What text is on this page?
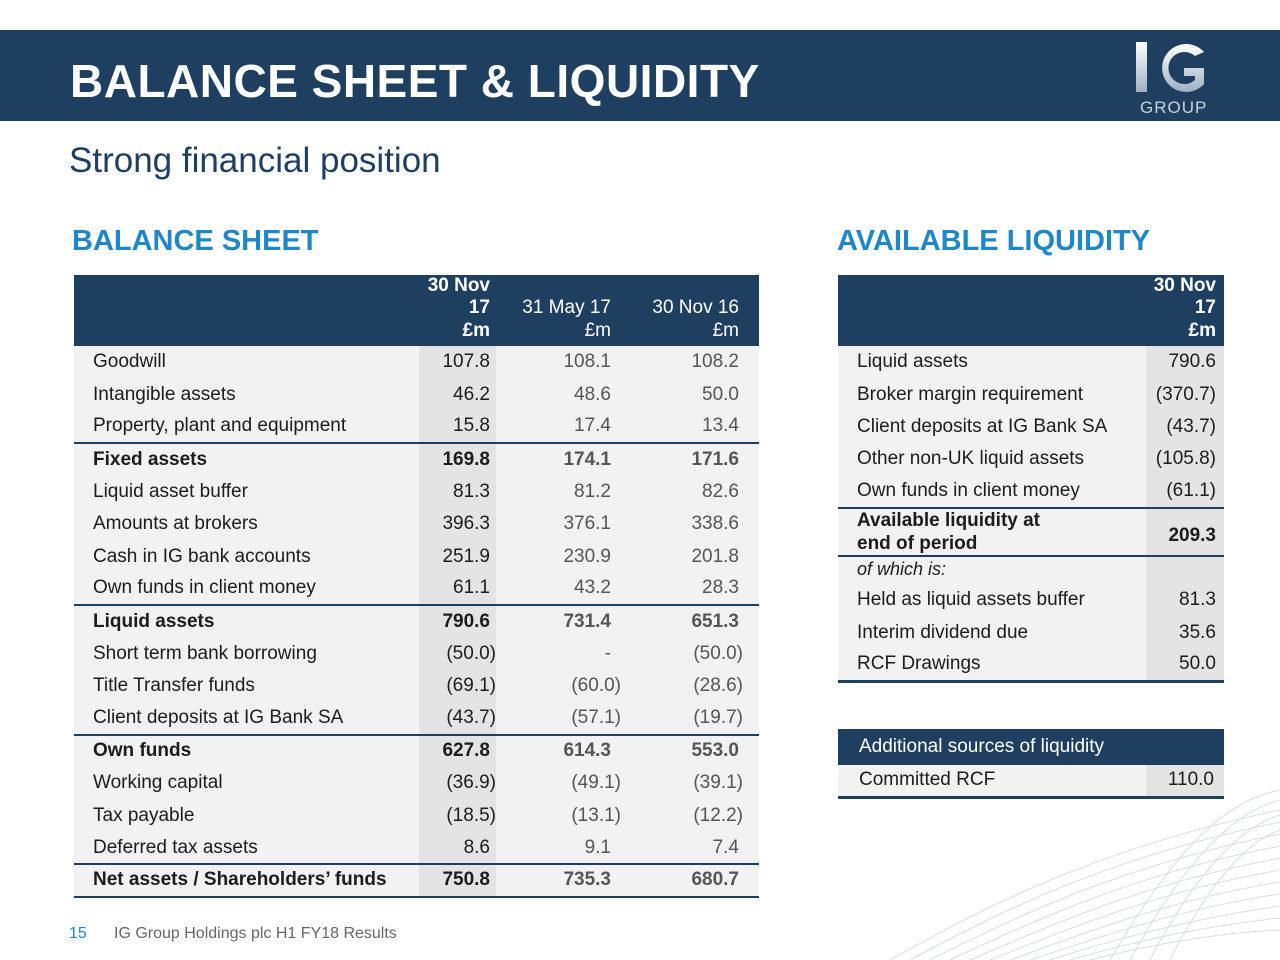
BALANCE SHEET & LIQUIDITY
GROUP
Strong financial position
BALANCE SHEET	AVAILABLE LIQUIDITY
	30 Nov 17	31 May 17	30 Nov 16
	£m	£m	£m
Goodwill	107.8	108.1	108.2
Intangible assets	46.2	48.6	50.0
Property, plant and equipment	15.8	17.4	13.4
Fixed assets	169.8	174.1	171.6
Liquid asset buffer	81.3	81.2	82.6
Amounts at brokers	396.3	376.1	338.6
Cash in IG bank accounts	251.9	230.9	201.8
Own funds in client money	61.1	43.2	28.3
Liquid assets	790.6	731.4	651.3
Short term bank borrowing	(50.0)	-	(50.0)
Title Transfer funds	(69.1)	(60.0)	(28.6)
Client deposits at IG Bank SA	(43.7)	(57.1)	(19.7)
Own funds	627.8	614.3	553.0
Working capital	(36.9)	(49.1)	(39.1)
Tax payable	(18.5)	(13.1)	(12.2)
Deferred tax assets	8.6	9.1	7.4
Net assets / Shareholders’ funds	750.8	735.3	680.7
	30 Nov 17
	£m
Liquid assets	790.6
Broker margin requirement	(370.7)
Client deposits at IG Bank SA	(43.7)
Other non-UK liquid assets	(105.8)
Own funds in client money	(61.1)

Available liquidity at
end of period	209.3
of which is:	
Held as liquid assets buffer	81.3
Interim dividend due	35.6
RCF Drawings	50.0
Additional sources of liquidity
Committed RCF	110.0
15 IG Group Holdings plc H1 FY18 Results
